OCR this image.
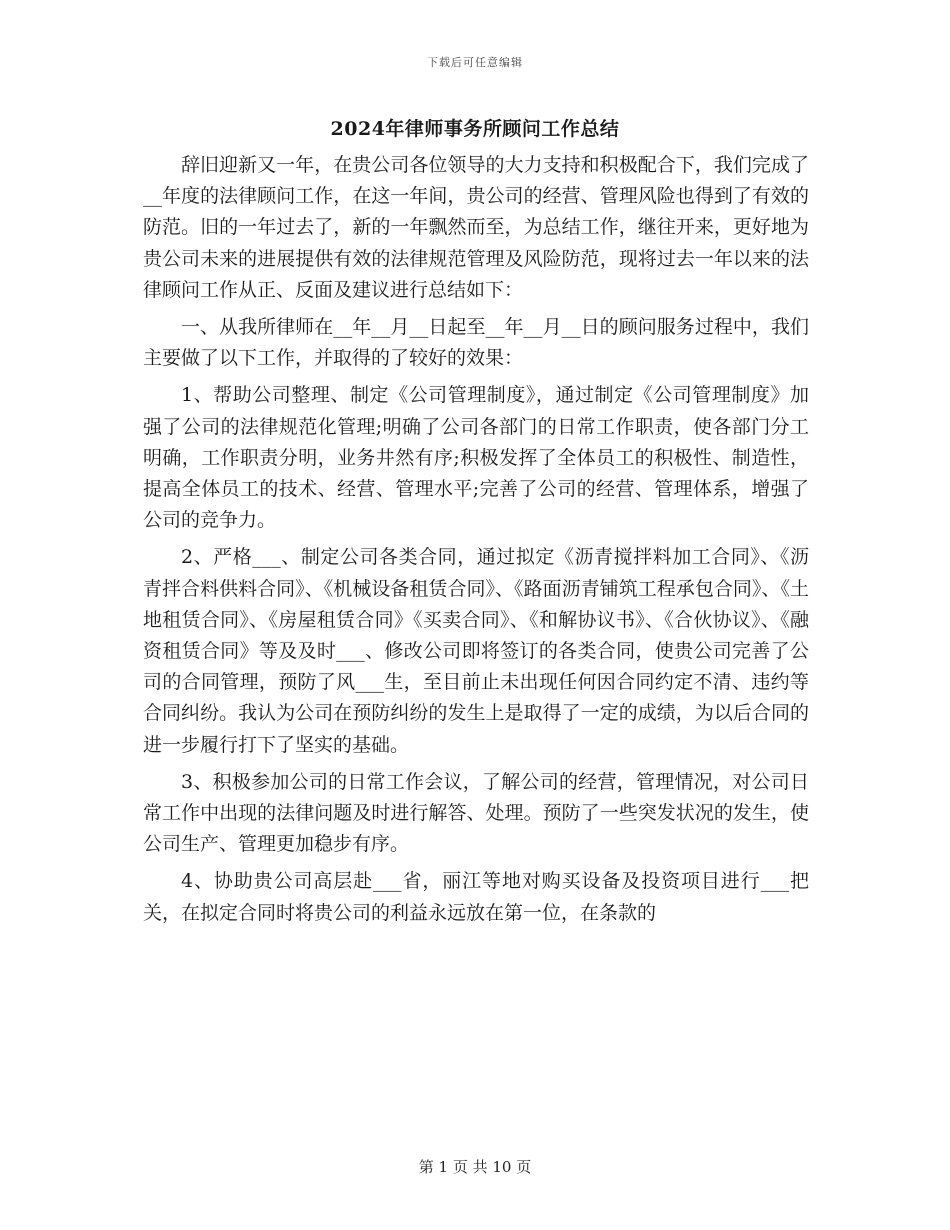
下载后可任意编辑
2024年律师事务所顾问工作总结

辞旧迎新又一年，在贵公司各位领导的大力支持和积极配合下，我们完成了__年度的法律顾问工作，在这一年间，贵公司的经营、管理风险也得到了有效的防范。旧的一年过去了，新的一年飘然而至，为总结工作，继往开来，更好地为贵公司未来的进展提供有效的法律规范管理及风险防范，现将过去一年以来的法律顾问工作从正、反面及建议进行总结如下：

一、从我所律师在__年__月__日起至__年__月__日的顾问服务过程中，我们主要做了以下工作，并取得的了较好的效果：

1、帮助公司整理、制定《公司管理制度》，通过制定《公司管理制度》加强了公司的法律规范化管理;明确了公司各部门的日常工作职责，使各部门分工明确，工作职责分明，业务井然有序;积极发挥了全体员工的积极性、制造性，提高全体员工的技术、经营、管理水平;完善了公司的经营、管理体系，增强了公司的竞争力。

2、严格___、制定公司各类合同，通过拟定《沥青搅拌料加工合同》、《沥青拌合料供料合同》、《机械设备租赁合同》、《路面沥青铺筑工程承包合同》、《土地租赁合同》、《房屋租赁合同》《买卖合同》、《和解协议书》、《合伙协议》、《融资租赁合同》等及及时___、修改公司即将签订的各类合同，使贵公司完善了公司的合同管理，预防了风___生，至目前止未出现任何因合同约定不清、违约等合同纠纷。我认为公司在预防纠纷的发生上是取得了一定的成绩，为以后合同的进一步履行打下了坚实的基础。

3、积极参加公司的日常工作会议，了解公司的经营，管理情况，对公司日常工作中出现的法律问题及时进行解答、处理。预防了一些突发状况的发生，使公司生产、管理更加稳步有序。

4、协助贵公司高层赴___省，丽江等地对购买设备及投资项目进行___把关，在拟定合同时将贵公司的利益永远放在第一位，在条款的

第 1 页 共 10 页
